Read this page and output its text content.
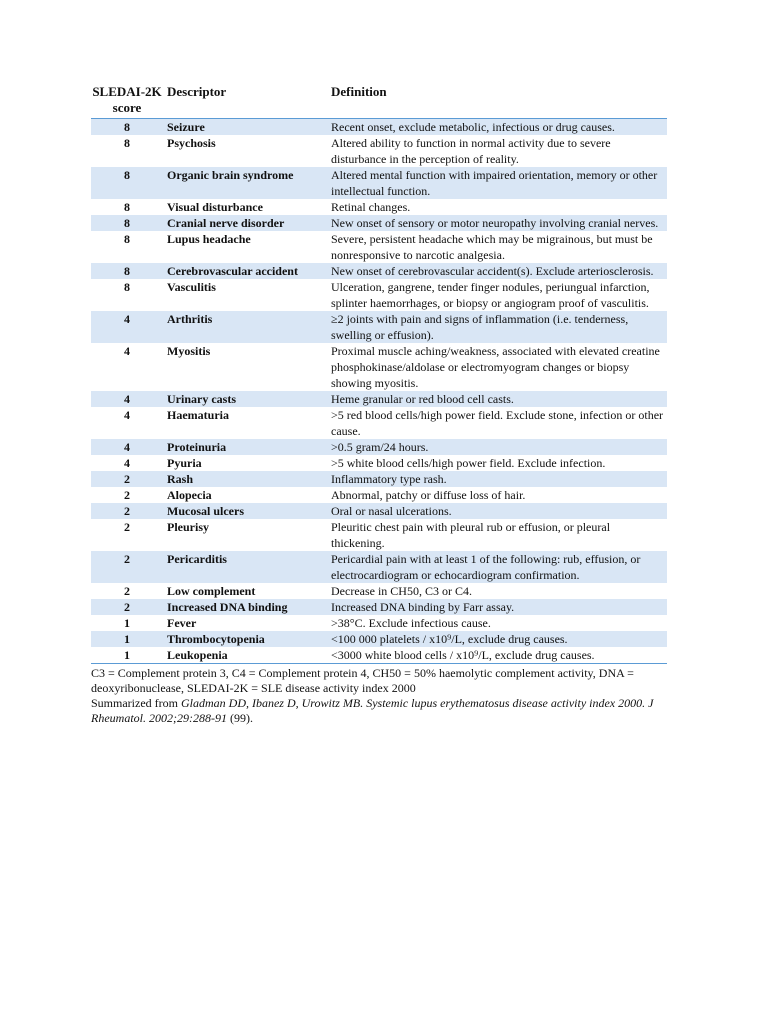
SLEDAI-2K score	Descriptor	Definition
8	Seizure	Recent onset, exclude metabolic, infectious or drug causes.
8	Psychosis	Altered ability to function in normal activity due to severe disturbance in the perception of reality.
8	Organic brain syndrome	Altered mental function with impaired orientation, memory or other intellectual function.
8	Visual disturbance	Retinal changes.
8	Cranial nerve disorder	New onset of sensory or motor neuropathy involving cranial nerves.
8	Lupus headache	Severe, persistent headache which may be migrainous, but must be nonresponsive to narcotic analgesia.
8	Cerebrovascular accident	New onset of cerebrovascular accident(s). Exclude arteriosclerosis.
8	Vasculitis	Ulceration, gangrene, tender finger nodules, periungual infarction, splinter haemorrhages, or biopsy or angiogram proof of vasculitis.
4	Arthritis	≥2 joints with pain and signs of inflammation (i.e. tenderness, swelling or effusion).
4	Myositis	Proximal muscle aching/weakness, associated with elevated creatine phosphokinase/aldolase or electromyogram changes or biopsy showing myositis.
4	Urinary casts	Heme granular or red blood cell casts.
4	Haematuria	>5 red blood cells/high power field. Exclude stone, infection or other cause.
4	Proteinuria	>0.5 gram/24 hours.
4	Pyuria	>5 white blood cells/high power field. Exclude infection.
2	Rash	Inflammatory type rash.
2	Alopecia	Abnormal, patchy or diffuse loss of hair.
2	Mucosal ulcers	Oral or nasal ulcerations.
2	Pleurisy	Pleuritic chest pain with pleural rub or effusion, or pleural thickening.
2	Pericarditis	Pericardial pain with at least 1 of the following: rub, effusion, or electrocardiogram or echocardiogram confirmation.
2	Low complement	Decrease in CH50, C3 or C4.
2	Increased DNA binding	Increased DNA binding by Farr assay.
1	Fever	>38°C. Exclude infectious cause.
1	Thrombocytopenia	<100 000 platelets / x10⁹/L, exclude drug causes.
1	Leukopenia	<3000 white blood cells / x10⁹/L, exclude drug causes.

C3 = Complement protein 3, C4 = Complement protein 4, CH50 = 50% haemolytic complement activity, DNA = deoxyribonuclease, SLEDAI-2K = SLE disease activity index 2000

Summarized from Gladman DD, Ibanez D, Urowitz MB. Systemic lupus erythematosus disease activity index 2000. J Rheumatol. 2002;29:288-91 (99).
